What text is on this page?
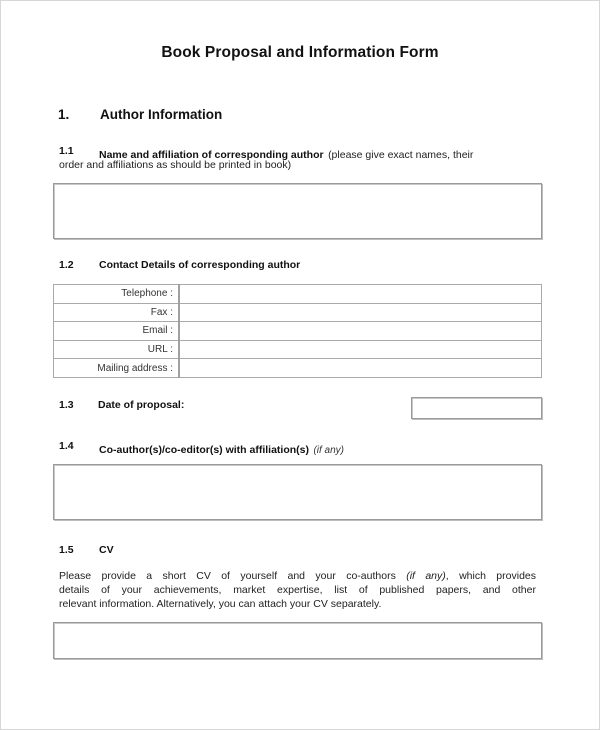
Book Proposal and Information Form
1. Author Information
1.1 Name and affiliation of corresponding author (please give exact names, their
order and affiliations as should be printed in book)
1.2 Contact Details of corresponding author
Telephone :	
Fax :	
Email :	
URL :	
Mailing address :	
1.3 Date of proposal:
1.4 Co-author(s)/co-editor(s) with affiliation(s) (if any)
1.5 CV
Please provide a short CV of yourself and your co-authors (if any), which provides
details of your achievements, market expertise, list of published papers, and other
relevant information. Alternatively, you can attach your CV separately.
